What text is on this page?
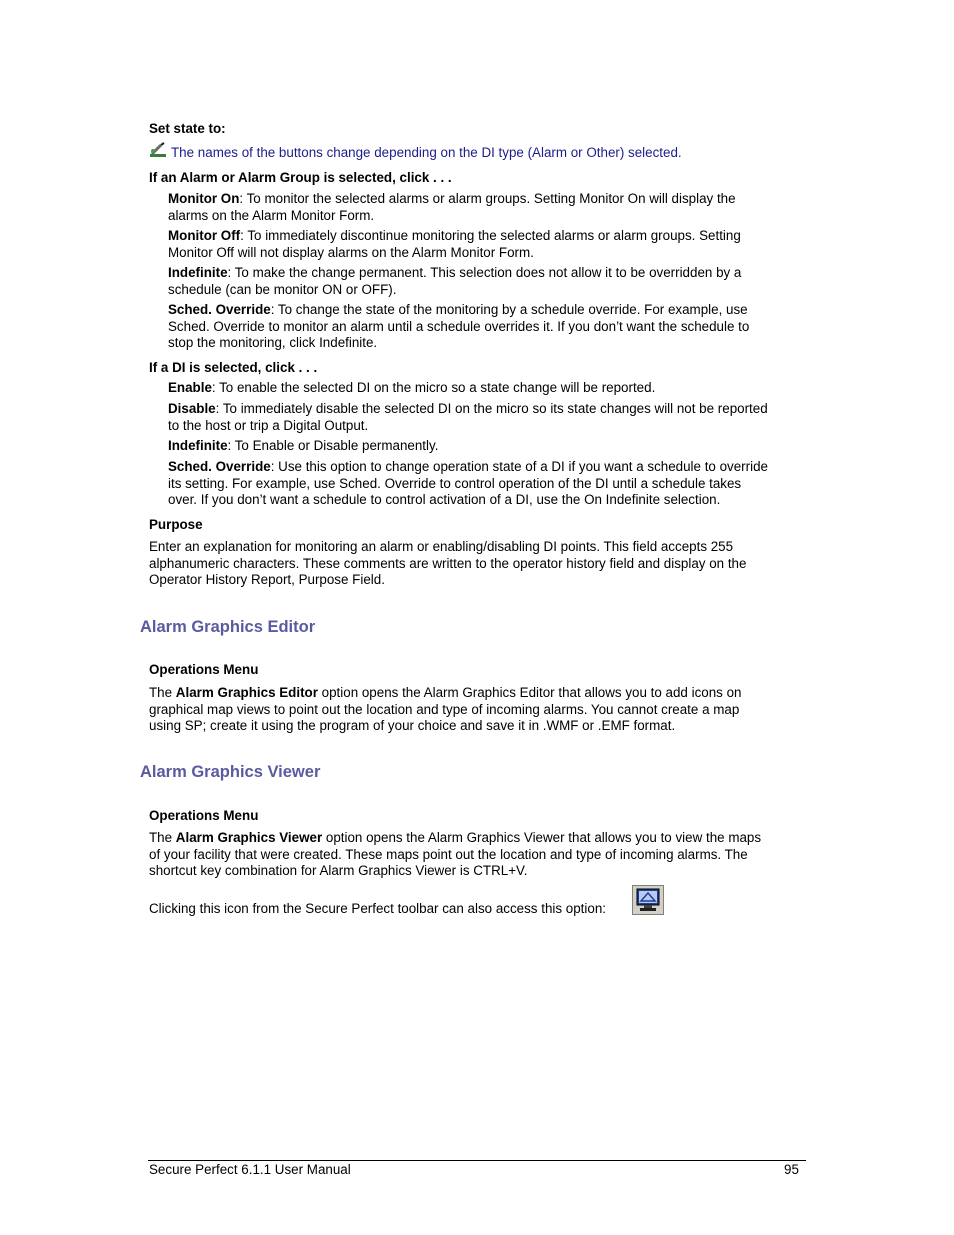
Set state to:
The names of the buttons change depending on the DI type (Alarm or Other) selected.
If an Alarm or Alarm Group is selected, click . . .
Monitor On: To monitor the selected alarms or alarm groups. Setting Monitor On will display the
alarms on the Alarm Monitor Form.
Monitor Off: To immediately discontinue monitoring the selected alarms or alarm groups. Setting
Monitor Off will not display alarms on the Alarm Monitor Form.
Indefinite: To make the change permanent. This selection does not allow it to be overridden by a
schedule (can be monitor ON or OFF).
Sched. Override: To change the state of the monitoring by a schedule override. For example, use
Sched. Override to monitor an alarm until a schedule overrides it. If you don’t want the schedule to
stop the monitoring, click Indefinite.
If a DI is selected, click . . .
Enable: To enable the selected DI on the micro so a state change will be reported.
Disable: To immediately disable the selected DI on the micro so its state changes will not be reported
to the host or trip a Digital Output.
Indefinite: To Enable or Disable permanently.
Sched. Override: Use this option to change operation state of a DI if you want a schedule to override
its setting. For example, use Sched. Override to control operation of the DI until a schedule takes
over. If you don’t want a schedule to control activation of a DI, use the On Indefinite selection.
Purpose
Enter an explanation for monitoring an alarm or enabling/disabling DI points. This field accepts 255
alphanumeric characters. These comments are written to the operator history field and display on the
Operator History Report, Purpose Field.
Alarm Graphics Editor
Operations Menu
The Alarm Graphics Editor option opens the Alarm Graphics Editor that allows you to add icons on
graphical map views to point out the location and type of incoming alarms. You cannot create a map
using SP; create it using the program of your choice and save it in .WMF or .EMF format.
Alarm Graphics Viewer
Operations Menu
The Alarm Graphics Viewer option opens the Alarm Graphics Viewer that allows you to view the maps
of your facility that were created. These maps point out the location and type of incoming alarms. The
shortcut key combination for Alarm Graphics Viewer is CTRL+V.
Clicking this icon from the Secure Perfect toolbar can also access this option:
Secure Perfect 6.1.1 User Manual	95
